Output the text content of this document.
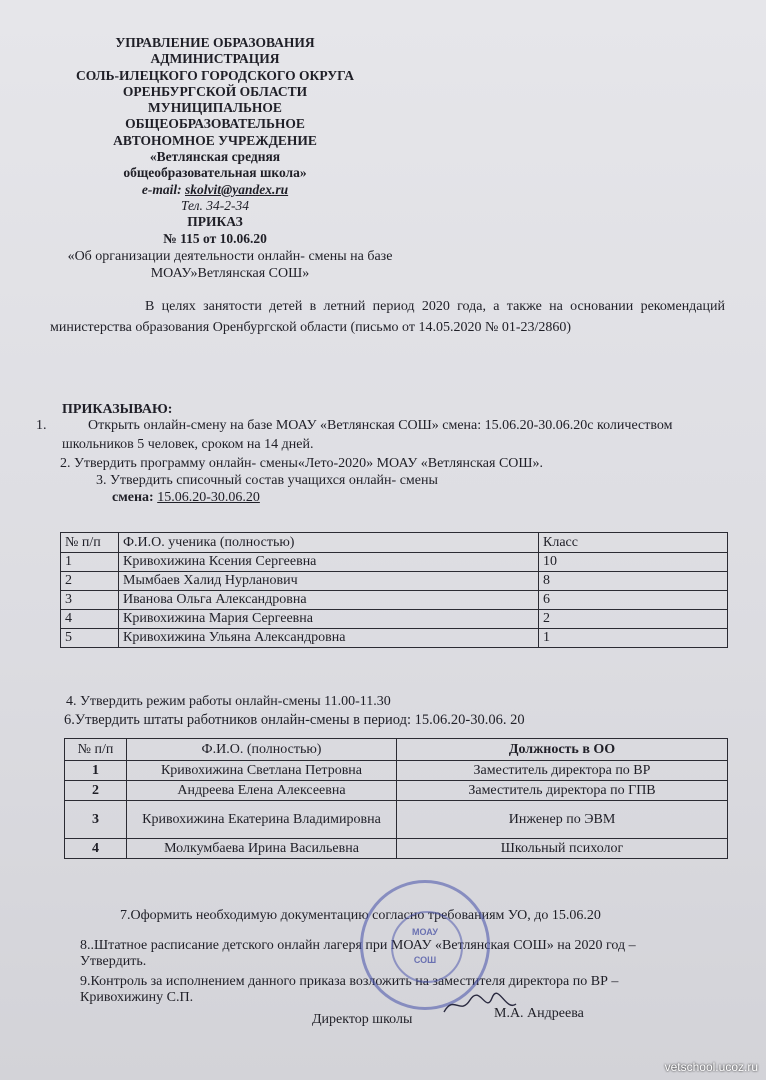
УПРАВЛЕНИЕ ОБРАЗОВАНИЯ
АДМИНИСТРАЦИЯ
СОЛЬ-ИЛЕЦКОГО ГОРОДСКОГО ОКРУГА
ОРЕНБУРГСКОЙ ОБЛАСТИ
МУНИЦИПАЛЬНОЕ
ОБЩЕОБРАЗОВАТЕЛЬНОЕ
АВТОНОМНОЕ УЧРЕЖДЕНИЕ
«Ветлянская средняя
общеобразовательная школа»
e-mail: skolvit@yandex.ru
Тел. 34-2-34
ПРИКАЗ
№ 115 от 10.06.20
«Об организации деятельности онлайн- смены на базе
МОАУ»Ветлянская СОШ»

В целях занятости детей в летний период 2020 года, а также на основании рекомендаций министерства образования Оренбургской области (письмо от 14.05.2020 № 01-23/2860)

ПРИКАЗЫВАЮ:
1.	Открыть онлайн-смену на базе МОАУ «Ветлянская СОШ» смена: 15.06.20-30.06.20с количеством
школьников 5 человек, сроком на 14 дней.
2. Утвердить программу онлайн- смены«Лето-2020» МОАУ «Ветлянская СОШ».
3. Утвердить списочный состав учащихся онлайн- смены
смена: 15.06.20-30.06.20
№ п/п	Ф.И.О. ученика (полностью)	Класс
1	Кривохижина Ксения Сергеевна	10
2	Мымбаев Халид Нурланович	8
3	Иванова Ольга Александровна	6
4	Кривохижина Мария Сергеевна	2
5	Кривохижина Ульяна Александровна	1
4. Утвердить режим работы онлайн-смены 11.00-11.30
6.Утвердить штаты работников онлайн-смены в период: 15.06.20-30.06. 20
№ п/п	Ф.И.О. (полностью)	Должность в ОО
1	Кривохижина Светлана Петровна	Заместитель директора по ВР
2	Андреева Елена Алексеевна	Заместитель директора по ГПВ
3	Кривохижина Екатерина Владимировна	Инженер по ЭВМ
4	Молкумбаева Ирина Васильевна	Школьный психолог
7.Оформить необходимую документацию согласно требованиям УО, до 15.06.20
8..Штатное расписание детского онлайн лагеря при МОАУ «Ветлянская СОШ» на 2020 год –
Утвердить.
9.Контроль за исполнением данного приказа возложить на заместителя директора по ВР –
Кривохижину С.П.
МОАУ
СОШ
Директор школы	М.А. Андреева
vetschool.ucoz.ru
